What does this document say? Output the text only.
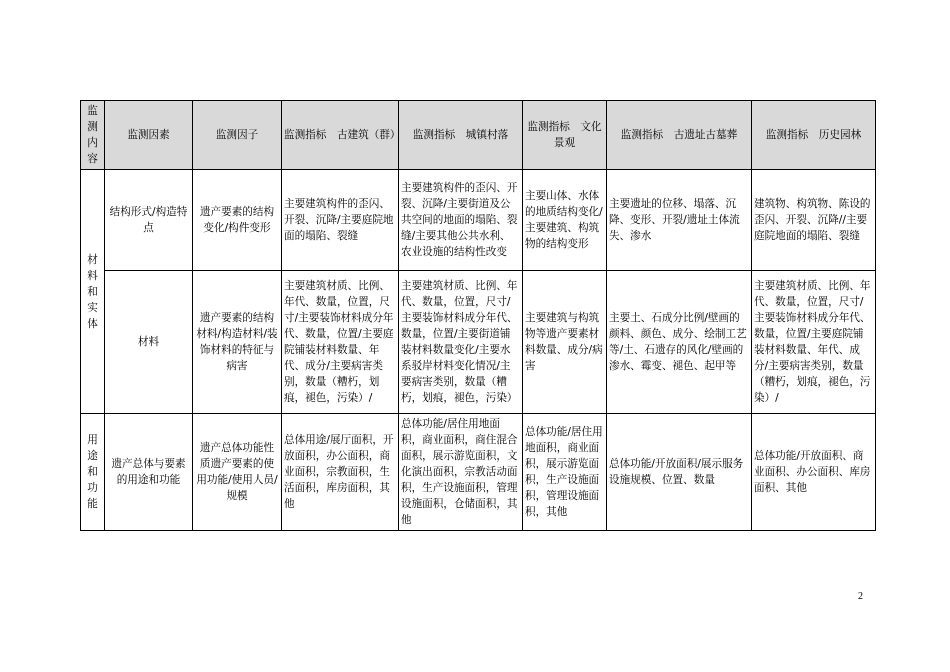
监测内容	监测因素	监测因子	监测指标　古建筑（群）	监测指标　城镇村落	监测指标　文化景观	监测指标　古遗址古墓葬	监测指标　历史园林
材料和实体	结构形式/构造特点	遗产要素的结构变化/构件变形	主要建筑构件的歪闪、开裂、沉降/主要庭院地面的塌陷、裂缝	主要建筑构件的歪闪、开裂、沉降/主要街道及公共空间的地面的塌陷、裂缝/主要其他公共水利、农业设施的结构性改变	主要山体、水体的地质结构变化/主要建筑、构筑物的结构变形	主要遗址的位移、塌落、沉降、变形、开裂/遗址土体流失、渗水	建筑物、构筑物、陈设的歪闪、开裂、沉降//主要庭院地面的塌陷、裂缝
	材料	遗产要素的结构材料/构造材料/装饰材料的特征与病害	主要建筑材质、比例、年代、数量，位置，尺寸/主要装饰材料成分年代、数量，位置/主要庭院铺装材料数量、年代、成分/主要病害类别，数量（糟朽，划痕，褪色，污染）/	主要建筑材质、比例、年代、数量，位置，尺寸/主要装饰材料成分年代、数量，位置/主要街道铺装材料数量变化/主要水系驳岸材料变化情况/主要病害类别，数量（糟朽，划痕，褪色，污染）	主要建筑与构筑物等遗产要素材料数量、成分/病害	主要土、石成分比例/壁画的颜料、颜色、成分、绘制工艺等/土、石遗存的风化/壁画的渗水、霉变、褪色、起甲等	主要建筑材质、比例、年代、数量，位置，尺寸/主要装饰材料成分年代、数量，位置/主要庭院铺装材料数量、年代、成分/主要病害类别，数量（糟朽，划痕，褪色，污染）/
用途和功能	遗产总体与要素的用途和功能	遗产总体功能性质遗产要素的使用功能/使用人员/规模	总体用途/展厅面积，开放面积，办公面积，商业面积，宗教面积，生活面积，库房面积，其他	总体功能/居住用地面积，商业面积，商住混合面积，展示游览面积，文化演出面积，宗教活动面积，生产设施面积，管理设施面积，仓储面积，其他	总体功能/居住用地面积，商业面积，展示游览面积，生产设施面积，管理设施面积，其他	总体功能/开放面积/展示服务设施规模、位置、数量	总体功能/开放面积、商业面积、办公面积、库房面积、其他
2
